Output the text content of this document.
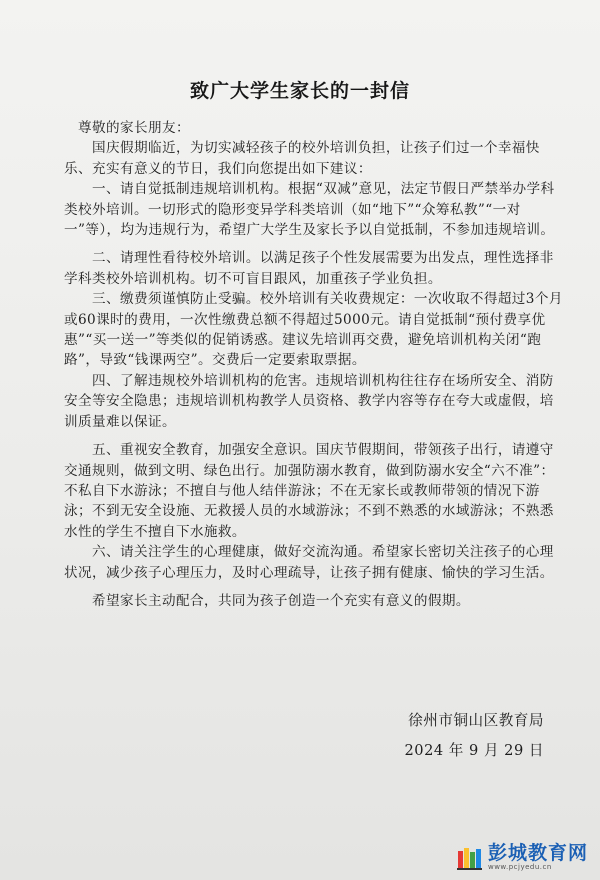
致广大学生家长的一封信

尊敬的家长朋友：

国庆假期临近，为切实减轻孩子的校外培训负担，让孩子们过一个幸福快乐、充实有意义的节日，我们向您提出如下建议：

一、请自觉抵制违规培训机构。根据“双减”意见，法定节假日严禁举办学科类校外培训。一切形式的隐形变异学科类培训（如“地下”“众筹私教”“一对一”等），均为违规行为，希望广大学生及家长予以自觉抵制，不参加违规培训。

二、请理性看待校外培训。以满足孩子个性发展需要为出发点，理性选择非学科类校外培训机构。切不可盲目跟风，加重孩子学业负担。

三、缴费须谨慎防止受骗。校外培训有关收费规定：一次收取不得超过3个月或60课时的费用，一次性缴费总额不得超过5000元。请自觉抵制“预付费享优惠”“买一送一”等类似的促销诱惑。建议先培训再交费，避免培训机构关闭“跑路”，导致“钱课两空”。交费后一定要索取票据。

四、了解违规校外培训机构的危害。违规培训机构往往存在场所安全、消防安全等安全隐患；违规培训机构教学人员资格、教学内容等存在夸大或虚假，培训质量难以保证。

五、重视安全教育，加强安全意识。国庆节假期间，带领孩子出行，请遵守交通规则，做到文明、绿色出行。加强防溺水教育，做到防溺水安全“六不准”：不私自下水游泳；不擅自与他人结伴游泳；不在无家长或教师带领的情况下游泳；不到无安全设施、无救援人员的水域游泳；不到不熟悉的水域游泳；不熟悉水性的学生不擅自下水施救。

六、请关注学生的心理健康，做好交流沟通。希望家长密切关注孩子的心理状况，减少孩子心理压力，及时心理疏导，让孩子拥有健康、愉快的学习生活。

希望家长主动配合，共同为孩子创造一个充实有意义的假期。

徐州市铜山区教育局
2024 年 9 月 29 日
彭城教育网
www.pcjyedu.cn
